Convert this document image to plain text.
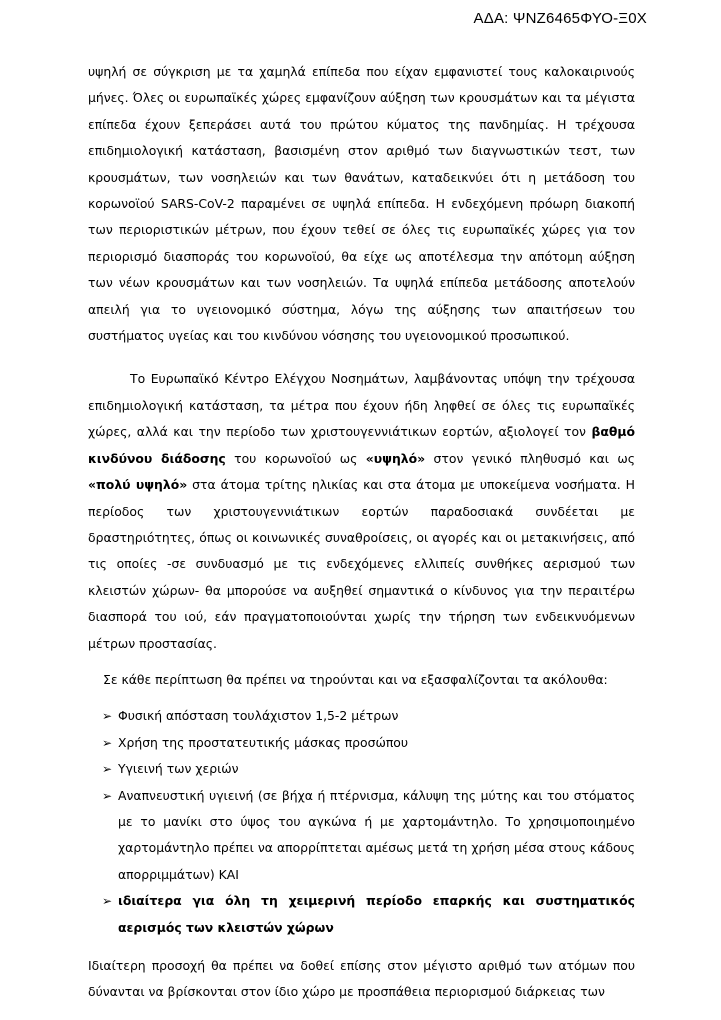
ΑΔΑ: ΨΝΖ6465ΦΥΟ-Ξ0Χ

υψηλή σε σύγκριση με τα χαμηλά επίπεδα που είχαν εμφανιστεί τους καλοκαιρινούς μήνες. Όλες οι ευρωπαϊκές χώρες εμφανίζουν αύξηση των κρουσμάτων και τα μέγιστα επίπεδα έχουν ξεπεράσει αυτά του πρώτου κύματος της πανδημίας. Η τρέχουσα επιδημιολογική κατάσταση, βασισμένη στον αριθμό των διαγνωστικών τεστ, των κρουσμάτων, των νοσηλειών και των θανάτων, καταδεικνύει ότι η μετάδοση του κορωνοϊού SARS-CoV-2 παραμένει σε υψηλά επίπεδα. Η ενδεχόμενη πρόωρη διακοπή των περιοριστικών μέτρων, που έχουν τεθεί σε όλες τις ευρωπαϊκές χώρες για τον περιορισμό διασποράς του κορωνοϊού, θα είχε ως αποτέλεσμα την απότομη αύξηση των νέων κρουσμάτων και των νοσηλειών. Τα υψηλά επίπεδα μετάδοσης αποτελούν απειλή για το υγειονομικό σύστημα, λόγω της αύξησης των απαιτήσεων του συστήματος υγείας και του κινδύνου νόσησης του υγειονομικού προσωπικού.

Το Ευρωπαϊκό Κέντρο Ελέγχου Νοσημάτων, λαμβάνοντας υπόψη την τρέχουσα επιδημιολογική κατάσταση, τα μέτρα που έχουν ήδη ληφθεί σε όλες τις ευρωπαϊκές χώρες, αλλά και την περίοδο των χριστουγεννιάτικων εορτών, αξιολογεί τον βαθμό κινδύνου διάδοσης του κορωνοϊού ως «υψηλό» στον γενικό πληθυσμό και ως «πολύ υψηλό» στα άτομα τρίτης ηλικίας και στα άτομα με υποκείμενα νοσήματα. Η περίοδος των χριστουγεννιάτικων εορτών παραδοσιακά συνδέεται με δραστηριότητες, όπως οι κοινωνικές συναθροίσεις, οι αγορές και οι μετακινήσεις, από τις οποίες -σε συνδυασμό με τις ενδεχόμενες ελλιπείς συνθήκες αερισμού των κλειστών χώρων- θα μπορούσε να αυξηθεί σημαντικά ο κίνδυνος για την περαιτέρω διασπορά του ιού, εάν πραγματοποιούνται χωρίς την τήρηση των ενδεικνυόμενων μέτρων προστασίας.

Σε κάθε περίπτωση θα πρέπει να τηρούνται και να εξασφαλίζονται τα ακόλουθα:

➢ Φυσική απόσταση τουλάχιστον 1,5-2 μέτρων
➢ Χρήση της προστατευτικής μάσκας προσώπου
➢ Υγιεινή των χεριών
➢ Αναπνευστική υγιεινή (σε βήχα ή πτέρνισμα, κάλυψη της μύτης και του στόματος με το μανίκι στο ύψος του αγκώνα ή με χαρτομάντηλο. Το χρησιμοποιημένο χαρτομάντηλο πρέπει να απορρίπτεται αμέσως μετά τη χρήση μέσα στους κάδους απορριμμάτων) ΚΑΙ
➢ ιδιαίτερα για όλη τη χειμερινή περίοδο επαρκής και συστηματικός αερισμός των κλειστών χώρων

Ιδιαίτερη προσοχή θα πρέπει να δοθεί επίσης στον μέγιστο αριθμό των ατόμων που δύνανται να βρίσκονται στον ίδιο χώρο με προσπάθεια περιορισμού διάρκειας των
